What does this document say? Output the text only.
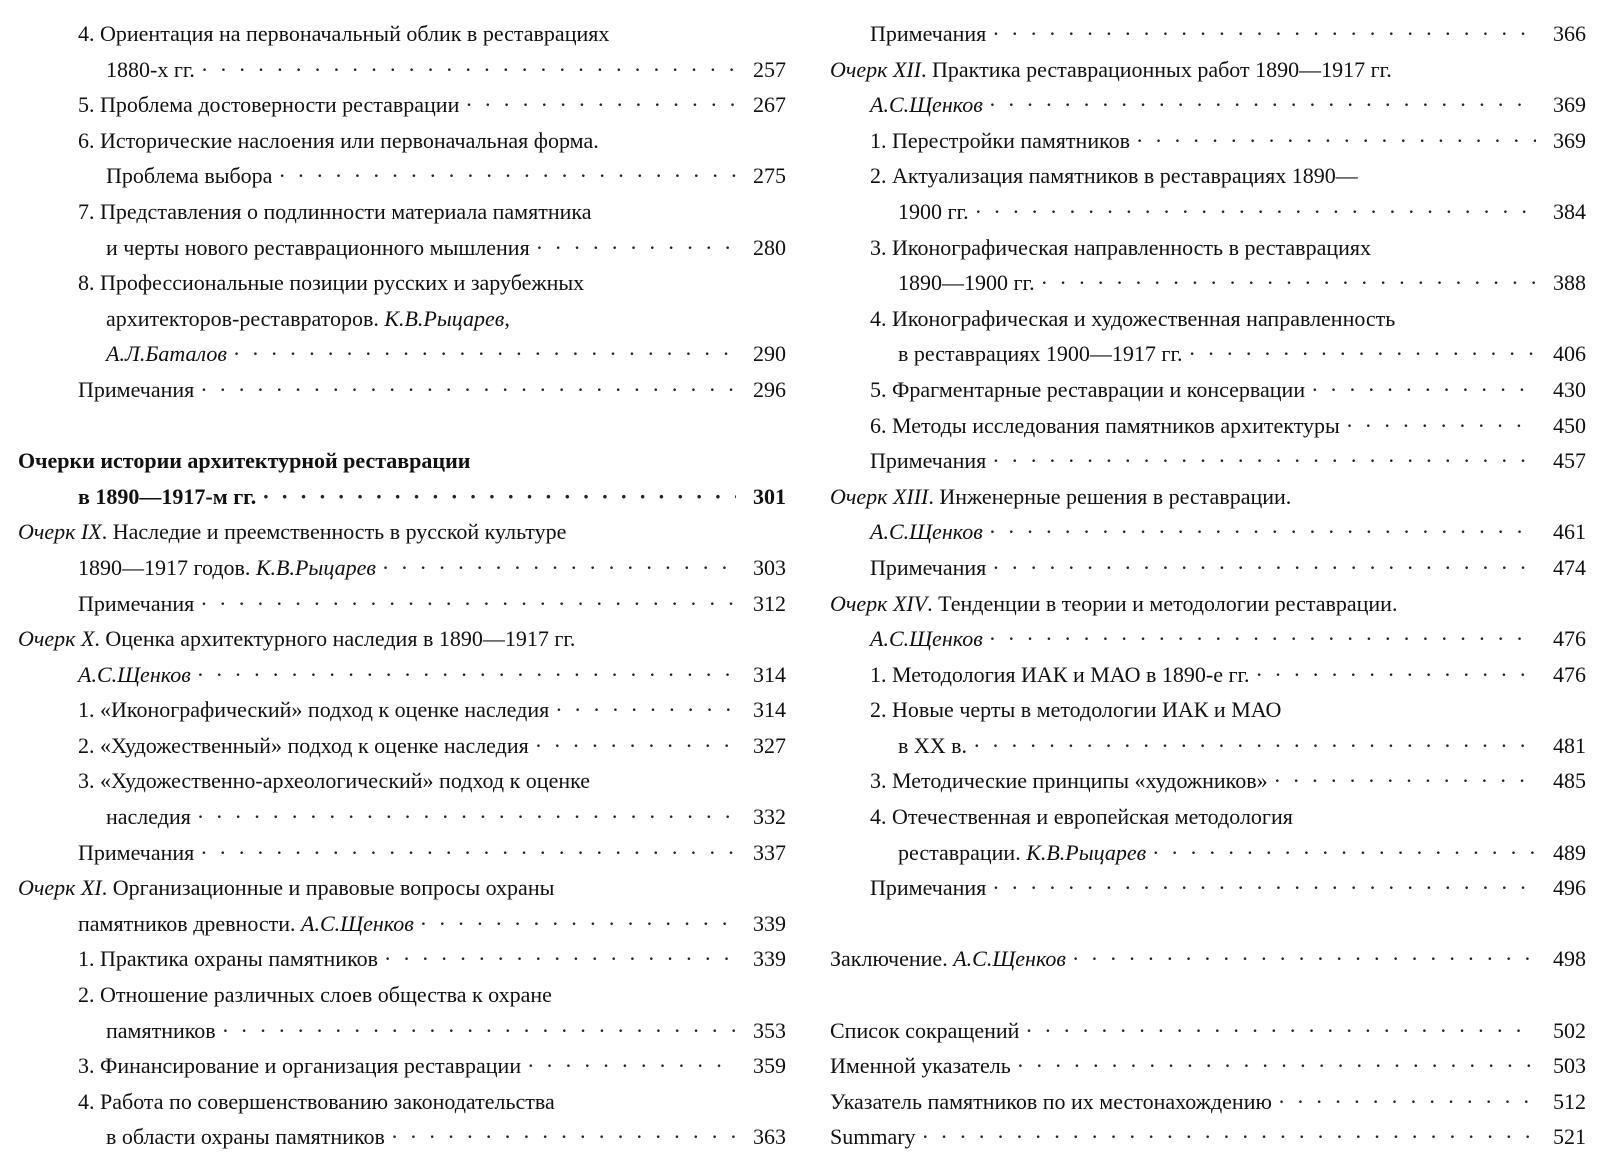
4. Ориентация на первоначальный облик в реставрациях
1880-х гг. · · ·	257
5. Проблема достоверности реставрации · · ·	267
6. Исторические наслоения или первоначальная форма.
Проблема выбора · · ·	275
7. Представления о подлинности материала памятника
и черты нового реставрационного мышления · · ·	280
8. Профессиональные позиции русских и зарубежных
архитекторов-реставраторов. К.В.Рыцарев,
А.Л.Баталов · · ·	290
Примечания · · ·	296
Очерки истории архитектурной реставрации
в 1890—1917-м гг. · · ·	301
Очерк IX. Наследие и преемственность в русской культуре
1890—1917 годов. К.В.Рыцарев · · ·	303
Примечания · · ·	312
Очерк X. Оценка архитектурного наследия в 1890—1917 гг.
А.С.Щенков · · ·	314
1. «Иконографический» подход к оценке наследия · · ·	314
2. «Художественный» подход к оценке наследия · · ·	327
3. «Художественно-археологический» подход к оценке
наследия · · ·	332
Примечания · · ·	337
Очерк XI. Организационные и правовые вопросы охраны
памятников древности. А.С.Щенков · · ·	339
1. Практика охраны памятников · · ·	339
2. Отношение различных слоев общества к охране
памятников · · ·	353
3. Финансирование и организация реставрации · · ·	359
4. Работа по совершенствованию законодательства
в области охраны памятников · · ·	363
Примечания · · ·	366
Очерк XII. Практика реставрационных работ 1890—1917 гг.
А.С.Щенков · · ·	369
1. Перестройки памятников · · ·	369
2. Актуализация памятников в реставрациях 1890—
1900 гг. · · ·	384
3. Иконографическая направленность в реставрациях
1890—1900 гг. · · ·	388
4. Иконографическая и художественная направленность
в реставрациях 1900—1917 гг. · · ·	406
5. Фрагментарные реставрации и консервации · · ·	430
6. Методы исследования памятников архитектуры · · ·	450
Примечания · · ·	457
Очерк XIII. Инженерные решения в реставрации.
А.С.Щенков · · ·	461
Примечания · · ·	474
Очерк XIV. Тенденции в теории и методологии реставрации.
А.С.Щенков · · ·	476
1. Методология ИАК и МАО в 1890-е гг. · · ·	476
2. Новые черты в методологии ИАК и МАО
в XX в. · · ·	481
3. Методические принципы «художников» · · ·	485
4. Отечественная и европейская методология
реставрации. К.В.Рыцарев · · ·	489
Примечания · · ·	496
Заключение. А.С.Щенков · · ·	498
Список сокращений · · ·	502
Именной указатель · · ·	503
Указатель памятников по их местонахождению · · ·	512
Summary · · ·	521
